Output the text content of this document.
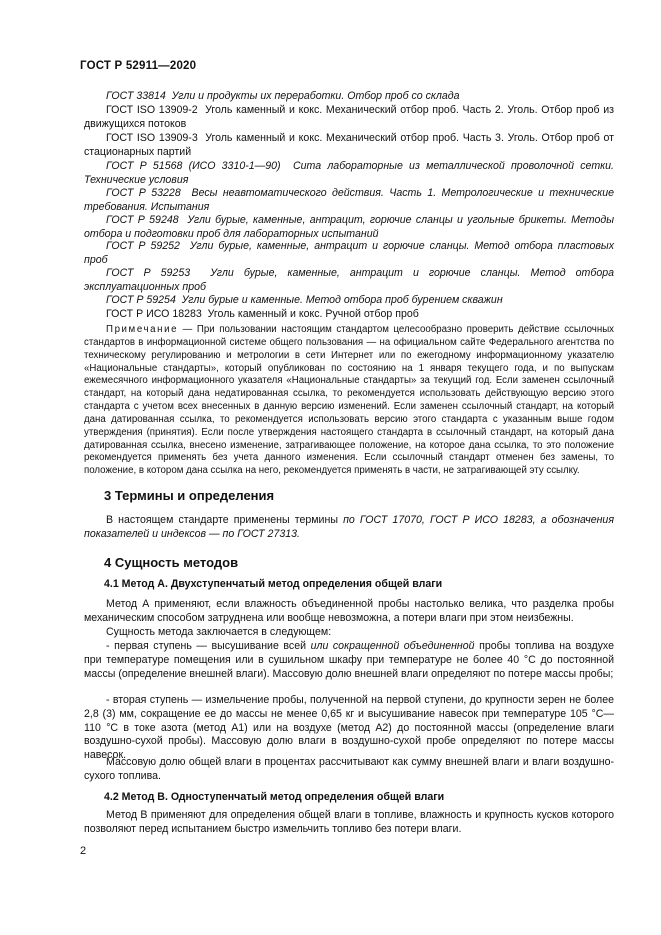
ГОСТ Р 52911—2020

ГОСТ 33814 Угли и продукты их переработки. Отбор проб со склада

ГОСТ ISO 13909-2 Уголь каменный и кокс. Механический отбор проб. Часть 2. Уголь. Отбор проб из движущихся потоков

ГОСТ ISO 13909-3 Уголь каменный и кокс. Механический отбор проб. Часть 3. Уголь. Отбор проб от стационарных партий

ГОСТ Р 51568 (ИСО 3310-1—90) Сита лабораторные из металлической проволочной сетки. Технические условия

ГОСТ Р 53228 Весы неавтоматического действия. Часть 1. Метрологические и технические требования. Испытания

ГОСТ Р 59248 Угли бурые, каменные, антрацит, горючие сланцы и угольные брикеты. Методы отбора и подготовки проб для лабораторных испытаний

ГОСТ Р 59252 Угли бурые, каменные, антрацит и горючие сланцы. Метод отбора пластовых проб

ГОСТ Р 59253 Угли бурые, каменные, антрацит и горючие сланцы. Метод отбора эксплуатационных проб

ГОСТ Р 59254 Угли бурые и каменные. Метод отбора проб бурением скважин

ГОСТ Р ИСО 18283 Уголь каменный и кокс. Ручной отбор проб

Примечание — При пользовании настоящим стандартом целесообразно проверить действие ссылочных стандартов в информационной системе общего пользования — на официальном сайте Федерального агентства по техническому регулированию и метрологии в сети Интернет или по ежегодному информационному указателю «Национальные стандарты», который опубликован по состоянию на 1 января текущего года, и по выпускам ежемесячного информационного указателя «Национальные стандарты» за текущий год. Если заменен ссылочный стандарт, на который дана недатированная ссылка, то рекомендуется использовать действующую версию этого стандарта с учетом всех внесенных в данную версию изменений. Если заменен ссылочный стандарт, на который дана датированная ссылка, то рекомендуется использовать версию этого стандарта с указанным выше годом утверждения (принятия). Если после утверждения настоящего стандарта в ссылочный стандарт, на который дана датированная ссылка, внесено изменение, затрагивающее положение, на которое дана ссылка, то это положение рекомендуется применять без учета данного изменения. Если ссылочный стандарт отменен без замены, то положение, в котором дана ссылка на него, рекомендуется применять в части, не затрагивающей эту ссылку.

3 Термины и определения

В настоящем стандарте применены термины по ГОСТ 17070, ГОСТ Р ИСО 18283, а обозначения показателей и индексов — по ГОСТ 27313.

4 Сущность методов
4.1 Метод А. Двухступенчатый метод определения общей влаги

Метод А применяют, если влажность объединенной пробы настолько велика, что разделка пробы механическим способом затруднена или вообще невозможна, а потери влаги при этом неизбежны.

Сущность метода заключается в следующем:

- первая ступень — высушивание всей или сокращенной объединенной пробы топлива на воздухе при температуре помещения или в сушильном шкафу при температуре не более 40 °С до постоянной массы (определение внешней влаги). Массовую долю внешней влаги определяют по потере массы пробы;

- вторая ступень — измельчение пробы, полученной на первой ступени, до крупности зерен не более 2,8 (3) мм, сокращение ее до массы не менее 0,65 кг и высушивание навесок при температуре 105 °С—110 °С в токе азота (метод А1) или на воздухе (метод А2) до постоянной массы (определение влаги воздушно-сухой пробы). Массовую долю влаги в воздушно-сухой пробе определяют по потере массы навесок.

Массовую долю общей влаги в процентах рассчитывают как сумму внешней влаги и влаги воздушно-сухого топлива.

4.2 Метод В. Одноступенчатый метод определения общей влаги

Метод В применяют для определения общей влаги в топливе, влажность и крупность кусков которого позволяют перед испытанием быстро измельчить топливо без потери влаги.

2
